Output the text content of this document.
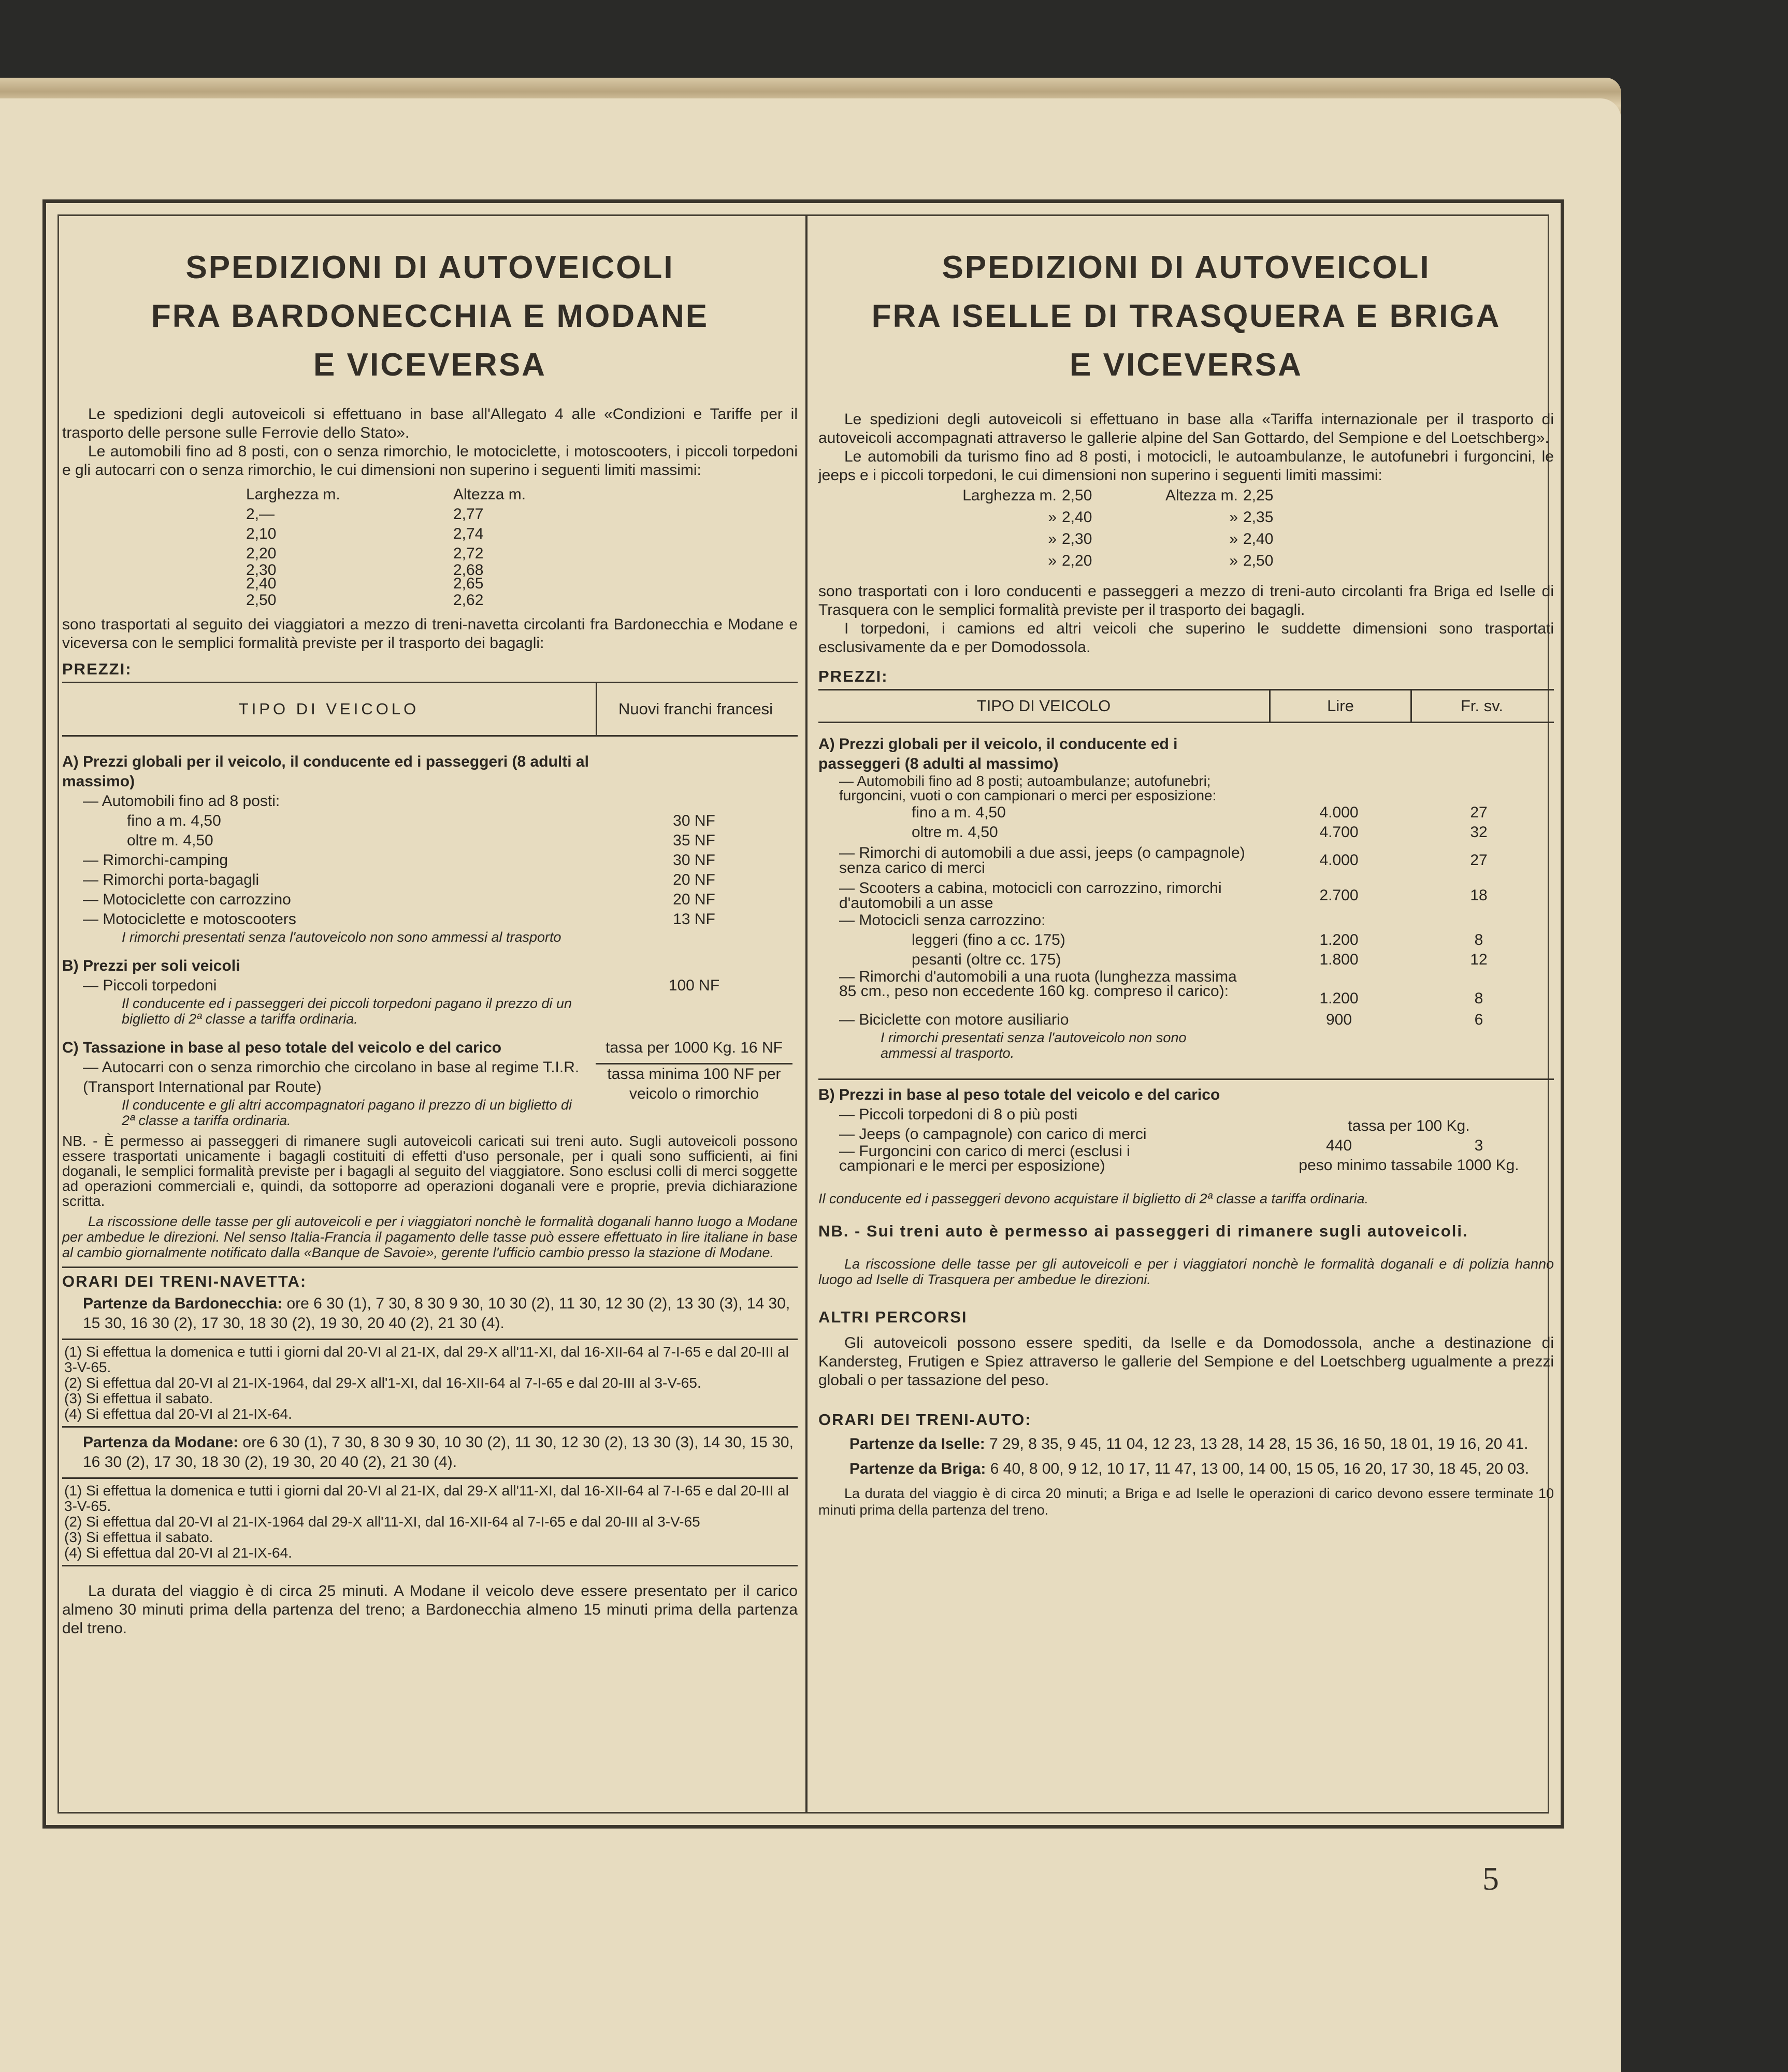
SPEDIZIONI DI AUTOVEICOLI
FRA BARDONECCHIA E MODANE
E VICEVERSA

Le spedizioni degli autoveicoli si effettuano in base all'Allegato 4 alle «Condizioni e Tariffe per il trasporto delle persone sulle Ferrovie dello Stato».

Le automobili fino ad 8 posti, con o senza rimorchio, le motociclette, i motoscooters, i piccoli torpedoni e gli autocarri con o senza rimorchio, le cui dimensioni non superino i seguenti limiti massimi:

Larghezza m.	Altezza m.
2,—	2,77
2,10	2,74
2,20	2,72
2,30	2,68
2,40	2,65
2,50	2,62

sono trasportati al seguito dei viaggiatori a mezzo di treni-navetta circolanti fra Bardonecchia e Modane e viceversa con le semplici formalità previste per il trasporto dei bagagli:

PREZZI:
TIPO DI VEICOLO	Nuovi franchi francesi
A) Prezzi globali per il veicolo, il conducente ed i passeggeri (8 adulti al massimo)
— Automobili fino ad 8 posti:
fino a m. 4,50	30 NF
oltre m. 4,50	35 NF
— Rimorchi-camping	30 NF
— Rimorchi porta-bagagli	20 NF
— Motociclette con carrozzino	20 NF
— Motociclette e motoscooters	13 NF
I rimorchi presentati senza l'autoveicolo non sono ammessi al trasporto
B) Prezzi per soli veicoli
— Piccoli torpedoni	100 NF
Il conducente ed i passeggeri dei piccoli torpedoni pagano il prezzo di un biglietto di 2ª classe a tariffa ordinaria.
C) Tassazione in base al peso totale del veicolo e del carico
— Autocarri con o senza rimorchio che circolano in base al regime T.I.R. (Transport International par Route)
Il conducente e gli altri accompagnatori pagano il prezzo di un biglietto di 2ª classe a tariffa ordinaria.
tassa per 1000 Kg. 16 NF
tassa minima 100 NF per veicolo o rimorchio

NB. - È permesso ai passeggeri di rimanere sugli autoveicoli caricati sui treni auto. Sugli autoveicoli possono essere trasportati unicamente i bagagli costituiti di effetti d'uso personale, per i quali sono sufficienti, ai fini doganali, le semplici formalità previste per i bagagli al seguito del viaggiatore. Sono esclusi colli di merci soggette ad operazioni commerciali e, quindi, da sottoporre ad operazioni doganali vere e proprie, previa dichiarazione scritta.

La riscossione delle tasse per gli autoveicoli e per i viaggiatori nonchè le formalità doganali hanno luogo a Modane per ambedue le direzioni. Nel senso Italia-Francia il pagamento delle tasse può essere effettuato in lire italiane in base al cambio giornalmente notificato dalla «Banque de Savoie», gerente l'ufficio cambio presso la stazione di Modane.

ORARI DEI TRENI-NAVETTA:
Partenze da Bardonecchia: ore 6 30 (1), 7 30, 8 30 9 30, 10 30 (2), 11 30, 12 30 (2), 13 30 (3), 14 30, 15 30, 16 30 (2), 17 30, 18 30 (2), 19 30, 20 40 (2), 21 30 (4).
(1) Si effettua la domenica e tutti i giorni dal 20-VI al 21-IX, dal 29-X all'11-XI, dal 16-XII-64 al 7-I-65 e dal 20-III al 3-V-65.
(2) Si effettua dal 20-VI al 21-IX-1964, dal 29-X all'1-XI, dal 16-XII-64 al 7-I-65 e dal 20-III al 3-V-65.
(3) Si effettua il sabato.
(4) Si effettua dal 20-VI al 21-IX-64.
Partenza da Modane: ore 6 30 (1), 7 30, 8 30 9 30, 10 30 (2), 11 30, 12 30 (2), 13 30 (3), 14 30, 15 30, 16 30 (2), 17 30, 18 30 (2), 19 30, 20 40 (2), 21 30 (4).
(1) Si effettua la domenica e tutti i giorni dal 20-VI al 21-IX, dal 29-X all'11-XI, dal 16-XII-64 al 7-I-65 e dal 20-III al 3-V-65.
(2) Si effettua dal 20-VI al 21-IX-1964 dal 29-X all'11-XI, dal 16-XII-64 al 7-I-65 e dal 20-III al 3-V-65
(3) Si effettua il sabato.
(4) Si effettua dal 20-VI al 21-IX-64.

La durata del viaggio è di circa 25 minuti. A Modane il veicolo deve essere presentato per il carico almeno 30 minuti prima della partenza del treno; a Bardonecchia almeno 15 minuti prima della partenza del treno.

SPEDIZIONI DI AUTOVEICOLI
FRA ISELLE DI TRASQUERA E BRIGA
E VICEVERSA

Le spedizioni degli autoveicoli si effettuano in base alla «Tariffa internazionale per il trasporto di autoveicoli accompagnati attraverso le gallerie alpine del San Gottardo, del Sempione e del Loetschberg».

Le automobili da turismo fino ad 8 posti, i motocicli, le autoambulanze, le autofunebri i furgoncini, le jeeps e i piccoli torpedoni, le cui dimensioni non superino i seguenti limiti massimi:

Larghezza m. 2,50	Altezza m. 2,25
» 2,40	» 2,35
» 2,30	» 2,40
» 2,20	» 2,50

sono trasportati con i loro conducenti e passeggeri a mezzo di treni-auto circolanti fra Briga ed Iselle di Trasquera con le semplici formalità previste per il trasporto dei bagagli.

I torpedoni, i camions ed altri veicoli che superino le suddette dimensioni sono trasportati esclusivamente da e per Domodossola.

PREZZI:
TIPO DI VEICOLO	Lire	Fr. sv.
A) Prezzi globali per il veicolo, il conducente ed i passeggeri (8 adulti al massimo)
— Automobili fino ad 8 posti; autoambulanze; autofunebri; furgoncini, vuoti o con campionari o merci per esposizione:
fino a m. 4,50	4.000	27
oltre m. 4,50	4.700	32
— Rimorchi di automobili a due assi, jeeps (o campagnole) senza carico di merci	4.000	27
— Scooters a cabina, motocicli con carrozzino, rimorchi d'automobili a un asse	2.700	18
— Motocicli senza carrozzino:
leggeri (fino a cc. 175)	1.200	8
pesanti (oltre cc. 175)	1.800	12
— Rimorchi d'automobili a una ruota (lunghezza massima 85 cm., peso non eccedente 160 kg. compreso il carico):	1.200	8
— Biciclette con motore ausiliario	900	6
I rimorchi presentati senza l'autoveicolo non sono ammessi al trasporto.
B) Prezzi in base al peso totale del veicolo e del carico
— Piccoli torpedoni di 8 o più posti
— Jeeps (o campagnole) con carico di merci
— Furgoncini con carico di merci (esclusi i campionari e le merci per esposizione)
tassa per 100 Kg.
440	3
peso minimo tassabile 1000 Kg.

Il conducente ed i passeggeri devono acquistare il biglietto di 2ª classe a tariffa ordinaria.

NB. - Sui treni auto è permesso ai passeggeri di rimanere sugli autoveicoli.

La riscossione delle tasse per gli autoveicoli e per i viaggiatori nonchè le formalità doganali e di polizia hanno luogo ad Iselle di Trasquera per ambedue le direzioni.

ALTRI PERCORSI

Gli autoveicoli possono essere spediti, da Iselle e da Domodossola, anche a destinazione di Kandersteg, Frutigen e Spiez attraverso le gallerie del Sempione e del Loetschberg ugualmente a prezzi globali o per tassazione del peso.

ORARI DEI TRENI-AUTO:
Partenze da Iselle: 7 29, 8 35, 9 45, 11 04, 12 23, 13 28, 14 28, 15 36, 16 50, 18 01, 19 16, 20 41.
Partenze da Briga: 6 40, 8 00, 9 12, 10 17, 11 47, 13 00, 14 00, 15 05, 16 20, 17 30, 18 45, 20 03.

La durata del viaggio è di circa 20 minuti; a Briga e ad Iselle le operazioni di carico devono essere terminate 10 minuti prima della partenza del treno.

5
